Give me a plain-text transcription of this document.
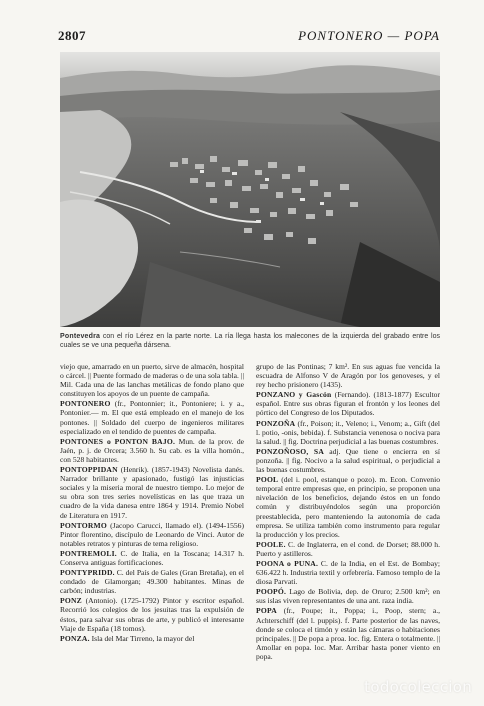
2807	PONTONERO — POPA
Pontevedra con el río Lérez en la parte norte. La ría llega hasta los malecones de la izquierda del grabado entre los cuales se ve una pequeña dársena.

viejo que, amarrado en un puerto, sirve de almacén, hospital o cárcel. || Puente formado de maderas o de una sola tabla. || Mil. Cada una de las lanchas metálicas de fondo plano que constituyen los apoyos de un puente de campaña.

PONTONERO (fr., Pontonnier; it., Pontoniere; i. y a., Pontonier.— m. El que está empleado en el manejo de los pontones. || Soldado del cuerpo de ingenieros militares especializado en el tendido de puentes de campaña.

PONTONES o PONTON BAJO. Mun. de la prov. de Jaén, p. j. de Orcera; 3.560 h. Su cab. es la villa homón., con 528 habitantes.

PONTOPPIDAN (Henrik). (1857-1943) Novelista danés. Narrador brillante y apasionado, fustigó las injusticias sociales y la miseria moral de nuestro tiempo. Lo mejor de su obra son tres series novelísticas en las que traza un cuadro de la vida danesa entre 1864 y 1914. Premio Nobel de Literatura en 1917.

PONTORMO (Jacopo Carucci, llamado el). (1494-1556) Pintor florentino, discípulo de Leonardo de Vinci. Autor de notables retratos y pinturas de tema religioso.

PONTREMOLI. C. de Italia, en la Toscana; 14.317 h. Conserva antiguas fortificaciones.

PONTYPRIDD. C. del País de Gales (Gran Bretaña), en el condado de Glamorgan; 49.300 habitantes. Minas de carbón; industrias.

PONZ (Antonio). (1725-1792) Pintor y escritor español. Recorrió los colegios de los jesuitas tras la expulsión de éstos, para salvar sus obras de arte, y publicó el interesante Viaje de España (18 tomos).

PONZA. Isla del Mar Tirreno, la mayor del

grupo de las Pontinas; 7 km². En sus aguas fue vencida la escuadra de Alfonso V de Aragón por los genoveses, y el rey hecho prisionero (1435).

PONZANO y Gascón (Fernando). (1813-1877) Escultor español. Entre sus obras figuran el frontón y los leones del pórtico del Congreso de los Diputados.

PONZOÑA (fr., Poison; it., Veleno; i., Venom; a., Gift (del l. potio, -onis, bebida). f. Substancia venenosa o nociva para la salud. || fig. Doctrina perjudicial a las buenas costumbres.

PONZOÑOSO, SA adj. Que tiene o encierra en sí ponzoña. || fig. Nocivo a la salud espiritual, o perjudicial a las buenas costumbres.

POOL (del i. pool, estanque o pozo). m. Econ. Convenio temporal entre empresas que, en principio, se proponen una nivelación de los beneficios, dejando éstos en un fondo común y distribuyéndolos según una proporción preestablecida, pero manteniendo la autonomía de cada empresa. Se utiliza también como instrumento para regular la producción y los precios.

POOLE. C. de Inglaterra, en el cond. de Dorset; 88.000 h. Puerto y astilleros.

POONA o PUNA. C. de la India, en el Est. de Bombay; 636.422 h. Industria textil y orfebrería. Famoso templo de la diosa Parvati.

POOPÓ. Lago de Bolivia, dep. de Oruro; 2.500 km²; en sus islas viven representantes de una ant. raza india.

POPA (fr., Poupe; it., Poppa; i., Poop, stern; a., Achterschiff (del l. puppis). f. Parte posterior de las naves, donde se coloca el timón y están las cámaras o habitaciones principales. || De popa a proa. loc. fig. Entera o totalmente. || Amollar en popa. loc. Mar. Arribar hasta poner viento en popa.

todocoleccion
